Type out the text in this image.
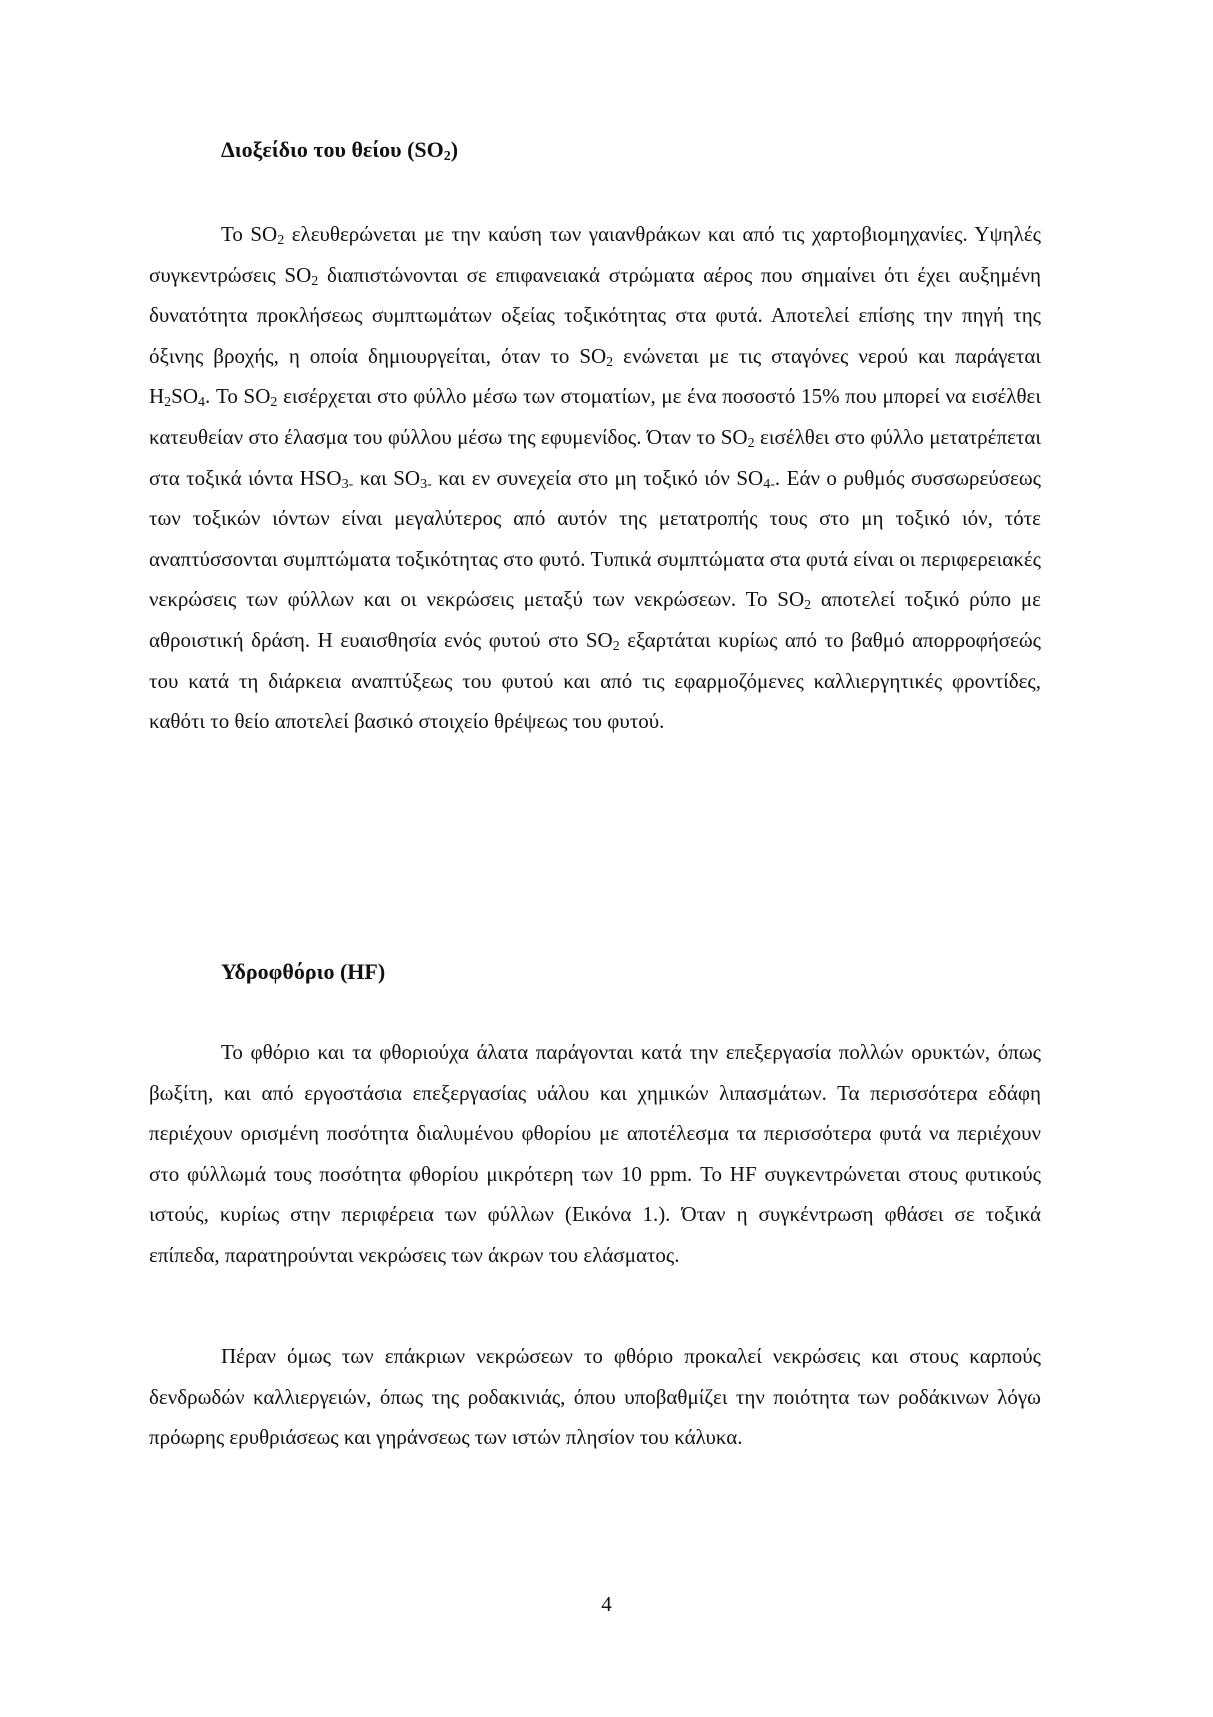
Διοξείδιο του θείου $(SO_2)$

Το $SO_2$ ελευθερώνεται με την καύση των γαιανθράκων και από τις χαρτοβιομηχανίες. Υψηλές συγκεντρώσεις $SO_2$ διαπιστώνονται σε επιφανειακά στρώματα αέρος που σημαίνει ότι έχει αυξημένη δυνατότητα προκλήσεως συμπτωμάτων οξείας τοξικότητας στα φυτά. Αποτελεί επίσης την πηγή της όξινης βροχής, η οποία δημιουργείται, όταν το $SO_2$ ενώνεται με τις σταγόνες νερού και παράγεται $H_2SO_4$. Το $SO_2$ εισέρχεται στο φύλλο μέσω των στοματίων, με ένα ποσοστό 15% που μπορεί να εισέλθει κατευθείαν στο έλασμα του φύλλου μέσω της εφυμενίδος. Όταν το $SO_2$ εισέλθει στο φύλλο μετατρέπεται στα τοξικά ιόντα $HSO_{3-}$ και $SO_{3-}$ και εν συνεχεία στο μη τοξικό ιόν $SO_{4-}$. Εάν ο ρυθμός συσσωρεύσεως των τοξικών ιόντων είναι μεγαλύτερος από αυτόν της μετατροπής τους στο μη τοξικό ιόν, τότε αναπτύσσονται συμπτώματα τοξικότητας στο φυτό. Τυπικά συμπτώματα στα φυτά είναι οι περιφερειακές νεκρώσεις των φύλλων και οι νεκρώσεις μεταξύ των νεκρώσεων. Το $SO_2$ αποτελεί τοξικό ρύπο με αθροιστική δράση. Η ευαισθησία ενός φυτού στο $SO_2$ εξαρτάται κυρίως από το βαθμό απορροφήσεώς του κατά τη διάρκεια αναπτύξεως του φυτού και από τις εφαρμοζόμενες καλλιεργητικές φροντίδες, καθότι το θείο αποτελεί βασικό στοιχείο θρέψεως του φυτού.

Υδροφθόριο (HF)

Το φθόριο και τα φθοριούχα άλατα παράγονται κατά την επεξεργασία πολλών ορυκτών, όπως βωξίτη, και από εργοστάσια επεξεργασίας υάλου και χημικών λιπασμάτων. Τα περισσότερα εδάφη περιέχουν ορισμένη ποσότητα διαλυμένου φθορίου με αποτέλεσμα τα περισσότερα φυτά να περιέχουν στο φύλλωμά τους ποσότητα φθορίου μικρότερη των 10 ppm. Το HF συγκεντρώνεται στους φυτικούς ιστούς, κυρίως στην περιφέρεια των φύλλων (Εικόνα 1.). Όταν η συγκέντρωση φθάσει σε τοξικά επίπεδα, παρατηρούνται νεκρώσεις των άκρων του ελάσματος.

Πέραν όμως των επάκριων νεκρώσεων το φθόριο προκαλεί νεκρώσεις και στους καρπούς δενδρωδών καλλιεργειών, όπως της ροδακινιάς, όπου υποβαθμίζει την ποιότητα των ροδάκινων λόγω πρόωρης ερυθριάσεως και γηράνσεως των ιστών πλησίον του κάλυκα.

4
